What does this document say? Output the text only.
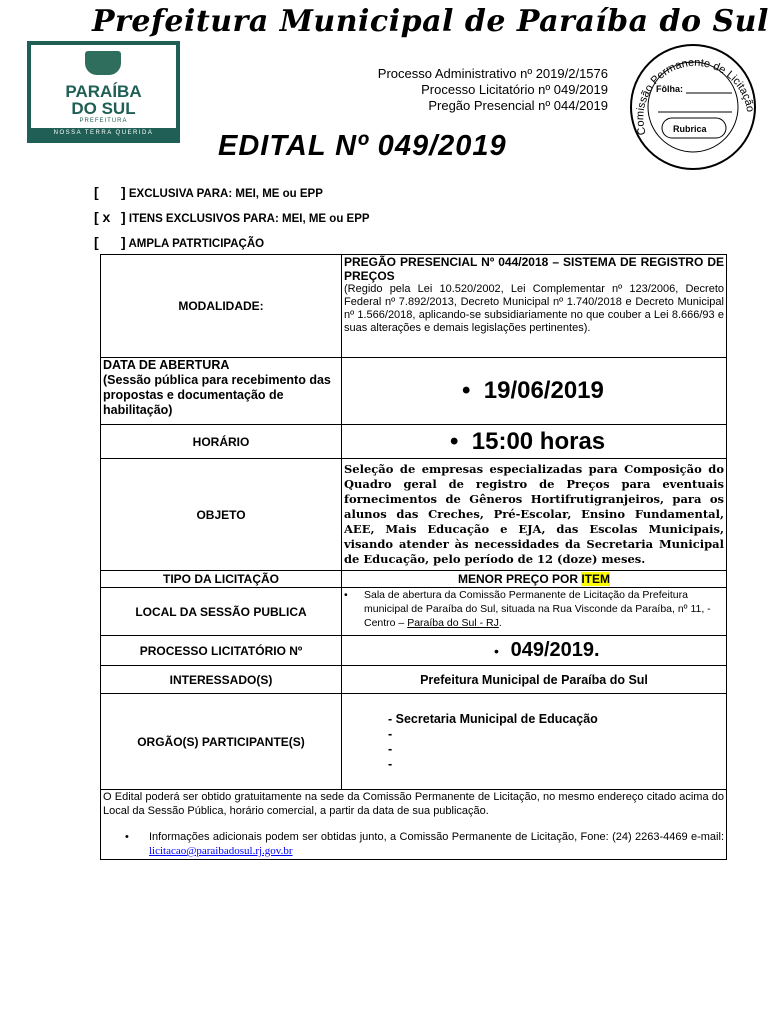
Prefeitura Municipal de Paraíba do Sul
PARAÍBA
DO SUL
PREFEITURA
NOSSA TERRA QUERIDA
Processo Administrativo nº 2019/2/1576
Processo Licitatório nº 049/2019
Pregão Presencial nº 044/2019
Comissão Permanente de Licitação
Fôlha:
Rubrica
EDITAL Nº 049/2019
[ ] EXCLUSIVA PARA: MEI, ME ou EPP
[ x ] ITENS EXCLUSIVOS PARA: MEI, ME ou EPP
[ ] AMPLA PATRTICIPAÇÃO
MODALIDADE:	PREGÃO PRESENCIAL Nº 044/2018 – SISTEMA DE REGISTRO DE PREÇOS
(Regido pela Lei 10.520/2002, Lei Complementar nº 123/2006, Decreto Federal nº 7.892/2013, Decreto Municipal nº 1.740/2018 e Decreto Municipal nº 1.566/2018, aplicando-se subsidiariamente no que couber a Lei 8.666/93 e suas alterações e demais legislações pertinentes).

DATA DE ABERTURA
(Sessão pública para recebimento das propostas e documentação de habilitação)	•  19/06/2019
HORÁRIO	•  15:00 horas
OBJETO	Seleção de empresas especializadas para Composição do Quadro geral de registro de Preços para eventuais fornecimentos de Gêneros Hortifrutigranjeiros, para os alunos das Creches, Pré-Escolar, Ensino Fundamental, AEE, Mais Educação e EJA, das Escolas Municipais, visando atender às necessidades da Secretaria Municipal de Educação, pelo período de 12 (doze) meses.
TIPO DA LICITAÇÃO	MENOR PREÇO POR ITEM
LOCAL DA SESSÃO PUBLICA	• Sala de abertura da Comissão Permanente de Licitação da Prefeitura municipal de Paraíba do Sul, situada na Rua Visconde da Paraíba, nº 11, - Centro – Paraíba do Sul - RJ.

PROCESSO LICITATÓRIO Nº	•   049/2019.
INTERESSADO(S)	Prefeitura Municipal de Paraíba do Sul
ORGÃO(S) PARTICIPANTE(S)	- Secretaria Municipal de Educação
-
-
-

O Edital poderá ser obtido gratuitamente na sede da Comissão Permanente de Licitação, no mesmo endereço citado acima do Local da Sessão Pública, horário comercial, a partir da data de sua publicação.
• Informações adicionais podem ser obtidas junto, a Comissão Permanente de Licitação, Fone: (24) 2263-4469 e-mail: licitacao@paraibadosul.rj.gov.br	
